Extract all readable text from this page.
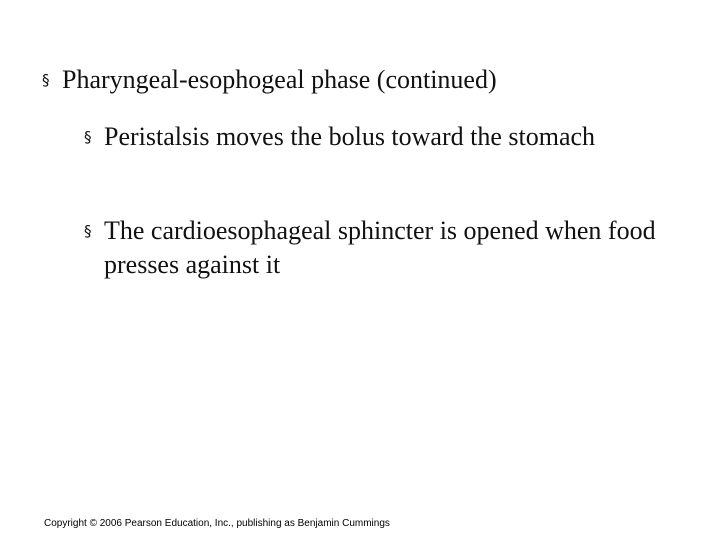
§ Pharyngeal-esophogeal phase (continued)
§ Peristalsis moves the bolus toward the stomach
§ The cardioesophageal sphincter is opened when food presses against it
Copyright © 2006 Pearson Education, Inc., publishing as Benjamin Cummings
